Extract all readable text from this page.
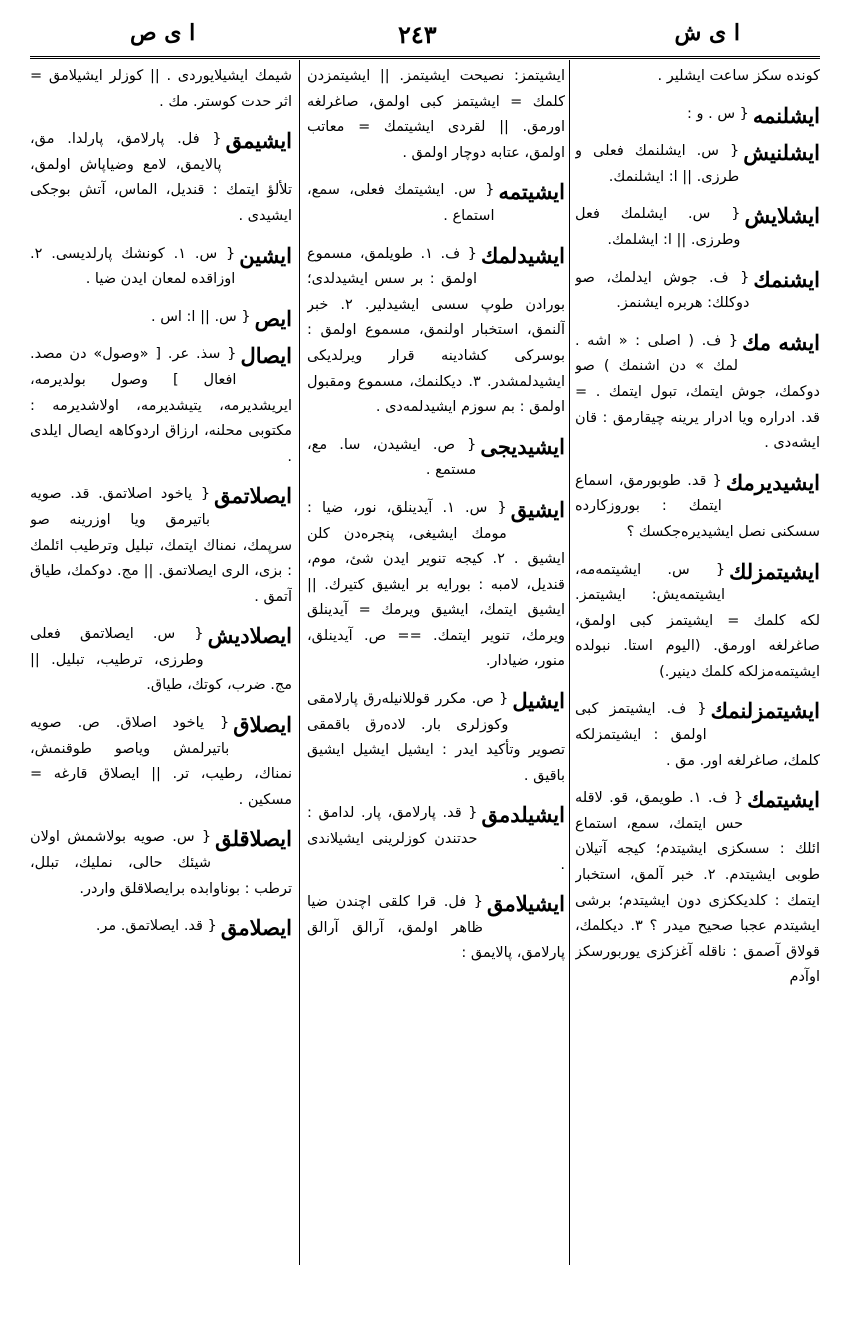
ا ى ص	٢٤٣	ا ى ش
كونده سكز ساعت ايشلير .
ايشلنمه
{ س . و :
ايشلنيش
{ س. ايشلنمك فعلى و طرزى. || ا: ايشلنمك.
ايشلايش
{ س. ايشلمك فعل وطرزى. || ا: ايشلمك.
ايشنمك
{ ف. جوش ايدلمك، صو دوكلك: هربره ايشنمز.
ايشه مك
{ ف. ( اصلى : « اشه . لمك » دن اشنمك ) صو دوكمك، جوش ايتمك، تبول ايتمك . = قد. ادراره ويا ادرار يرينه چيقارمق : قان ايشه‌دى .
ايشيديرمك
{ قد. طوبورمق، اسماع ايتمك : بوروزكارده سسكنى نصل ايشيديره‌جكسك ؟
ايشيتمزلك
{ س. ايشيتمه‌مه، ايشيتمه‌يش: ايشيتمز. لكه كلمك = ايشيتمز كبى اولمق، صاغرلغه اورمق. (اليوم استا. نبولده ايشيتمه‌مزلكه كلمك دينير.)
ايشيتمزلنمك
{ ف. ايشيتمز كبى اولمق : ايشيتمزلكه كلمك، صاغرلغه اور. مق .
ايشيتمك
{ ف. ١. طويمق، قو. لاقله حس ايتمك، سمع، استماع ائلك : سسكزى ايشيتدم؛ كيجه آتيلان طوبى ايشيتدم. ٢. خبر آلمق، استخبار ايتمك : كلديككزى دون ايشيتدم؛ برشى ايشيتدم عجبا صحيح ميدر ؟ ٣. ديكلمك، قولاق آصمق : ناقله آغزكزى يوربورسكز اوآدم
ايشيتمز: نصيحت ايشيتمز. || ايشيتمزدن كلمك = ايشيتمز كبى اولمق، صاغرلغه اورمق. || لقردى ايشيتمك = معاتب اولمق، عتابه دوچار اولمق .
ايشيتمه
{ س. ايشيتمك فعلى، سمع، استماع .
ايشيدلمك
{ ف. ١. طويلمق، مسموع اولمق : بر سس ايشيدلدى؛ بورادن طوپ سسى ايشيدلير. ٢. خبر آلنمق، استخبار اولنمق، مسموع اولمق : بوسركى كشادينه قرار ويرلديكى ايشيدلمشدر. ٣. ديكلنمك، مسموع ومقبول اولمق : بم سوزم ايشيدلمه‌دى .
ايشيديجى
{ ص. ايشيدن، سا. مع، مستمع .
ايشيق
{ س. ١. آيدينلق، نور، ضيا : مومك ايشيغى، پنجره‌دن كلن ايشيق . ٢. كيجه تنوير ايدن شئ، موم، قنديل، لامبه : بورايه بر ايشيق كتيرك. || ايشيق ايتمك، ايشيق ويرمك = آيدينلق ويرمك، تنوير ايتمك. == ص. آيدينلق، منور، ضيادار.
ايشيل
{ ص. مكرر قوللانيله‌رق پارلامقى وكوزلرى بار. لاده‌رق باقمقى تصوير وتأكيد ايدر : ايشيل ايشيل ايشيق باقيق .
ايشيلدمق
{ قد. پارلامق، پار. لدامق : حدتندن كوزلرينى ايشيلاندى .
ايشيلامق
{ فل. قرا كلقى اچندن ضيا ظاهر اولمق، آرالق آرالق پارلامق، پالايمق :
شيمك ايشيلايوردى . || كوزلر ايشيلامق = اثر حدت كوستر. مك .
ايشيمق
{ فل. پارلامق، پارلدا. مق، پالايمق، لامع وضياپاش اولمق، تلألؤ ايتمك : قنديل، الماس، آتش بوجكى ايشيدى .
ايشين
{ س. ١. كونشك پارلديسى. ٢. اوزاقده لمعان ايدن ضيا .
ايص
{ س. || ا: اس .
ايصال
{ سذ. عر. [ «وصول» دن مصد. افعال ] وصول بولديرمه، ايريشديرمه، يتيشديرمه، اولاشديرمه : مكتوبى محلنه، ارزاق اردوكاهه ايصال ايلدى .
ايصلاتمق
{ ياخود اصلاتمق. قد. صويه باتيرمق ويا اوزرينه صو سرپمك، نمناك ايتمك، تبليل وترطيب ائلمك : بزى، الرى ايصلاتمق. || مج. دوكمك، طياق آتمق .
ايصلاديش
{ س. ايصلاتمق فعلى وطرزى، ترطيب، تبليل. || مج. ضرب، كوتك، طياق.
ايصلاق
{ ياخود اصلاق. ص. صويه باتيرلمش وياصو طوقنمش، نمناك، رطيب، تر. || ايصلاق قارغه = مسكين .
ايصلاقلق
{ س. صويه بولاشمش اولان شيئك حالى، نمليك، تبلل، ترطب : بوناوابده برايصلاقلق واردر.
ايصلامق
{ قد. ايصلاتمق. مر.
